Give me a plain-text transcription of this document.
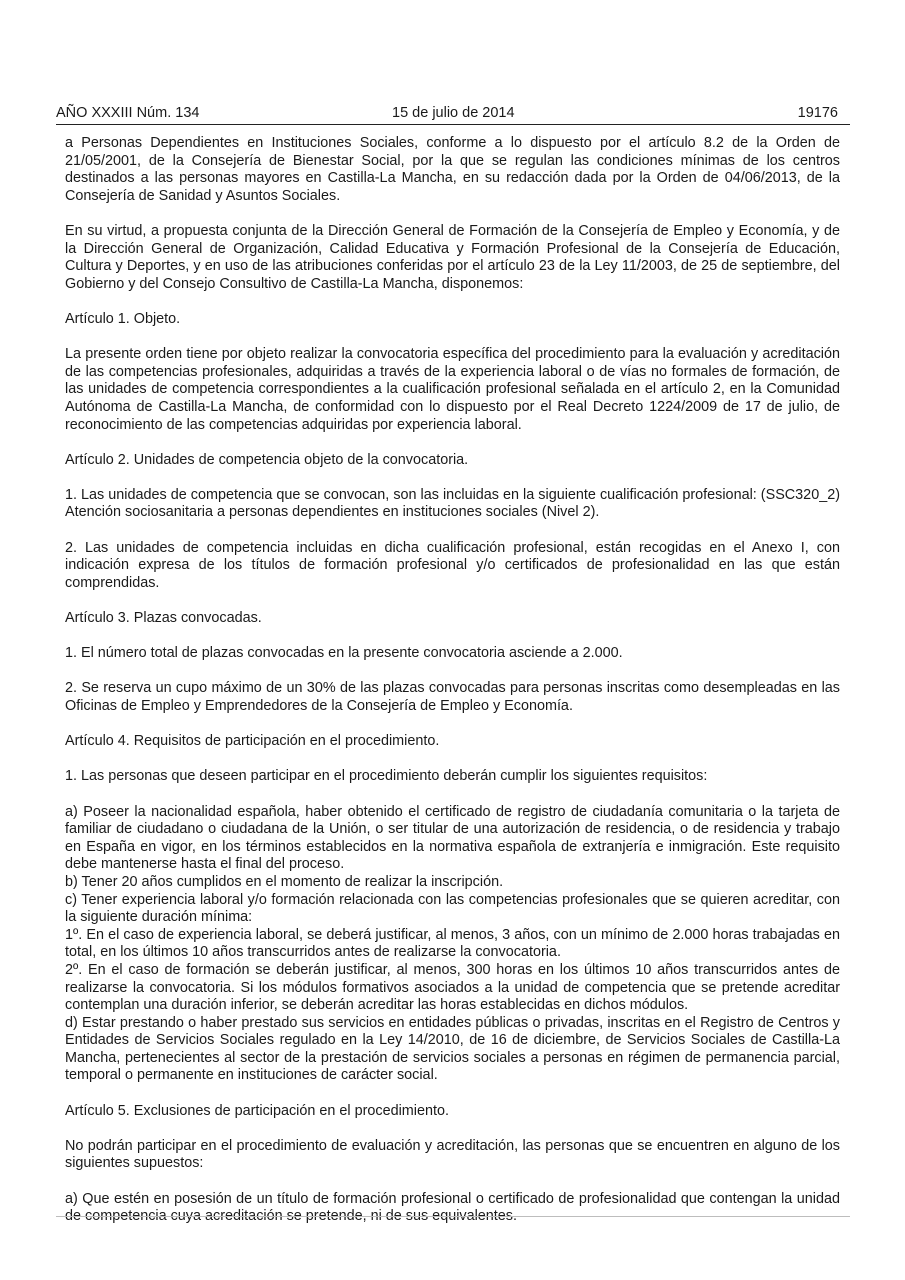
AÑO XXXIII Núm. 134	15 de julio de 2014	19176

a Personas Dependientes en Instituciones Sociales, conforme a lo dispuesto por el artículo 8.2 de la Orden de 21/05/2001, de la Consejería de Bienestar Social, por la que se regulan las condiciones mínimas de los centros destinados a las personas mayores en Castilla-La Mancha, en su redacción dada por la Orden de 04/06/2013, de la Consejería de Sanidad y Asuntos Sociales.

En su virtud, a propuesta conjunta de la Dirección General de Formación de la Consejería de Empleo y Economía, y de la Dirección General de Organización, Calidad Educativa y Formación Profesional de la Consejería de Educación, Cultura y Deportes, y en uso de las atribuciones conferidas por el artículo 23 de la Ley 11/2003, de 25 de septiembre, del Gobierno y del Consejo Consultivo de Castilla-La Mancha, disponemos:

Artículo 1. Objeto.

La presente orden tiene por objeto realizar la convocatoria específica del procedimiento para la evaluación y acreditación de las competencias profesionales, adquiridas a través de la experiencia laboral o de vías no formales de formación, de las unidades de competencia correspondientes a la cualificación profesional señalada en el artículo 2, en la Comunidad Autónoma de Castilla-La Mancha, de conformidad con lo dispuesto por el Real Decreto 1224/2009 de 17 de julio, de reconocimiento de las competencias adquiridas por experiencia laboral.

Artículo 2. Unidades de competencia objeto de la convocatoria.

1. Las unidades de competencia que se convocan, son las incluidas en la siguiente cualificación profesional: (SSC320_2) Atención sociosanitaria a personas dependientes en instituciones sociales (Nivel 2).

2. Las unidades de competencia incluidas en dicha cualificación profesional, están recogidas en el Anexo I, con indicación expresa de los títulos de formación profesional y/o certificados de profesionalidad en las que están comprendidas.

Artículo 3. Plazas convocadas.

1. El número total de plazas convocadas en la presente convocatoria asciende a 2.000.

2. Se reserva un cupo máximo de un 30% de las plazas convocadas para personas inscritas como desempleadas en las Oficinas de Empleo y Emprendedores de la Consejería de Empleo y Economía.

Artículo 4. Requisitos de participación en el procedimiento.

1. Las personas que deseen participar en el procedimiento deberán cumplir los siguientes requisitos:

a) Poseer la nacionalidad española, haber obtenido el certificado de registro de ciudadanía comunitaria o la tarjeta de familiar de ciudadano o ciudadana de la Unión, o ser titular de una autorización de residencia, o de residencia y trabajo en España en vigor, en los términos establecidos en la normativa española de extranjería e inmigración. Este requisito debe mantenerse hasta el final del proceso.

b) Tener 20 años cumplidos en el momento de realizar la inscripción.

c) Tener experiencia laboral y/o formación relacionada con las competencias profesionales que se quieren acreditar, con la siguiente duración mínima:

1º. En el caso de experiencia laboral, se deberá justificar, al menos, 3 años, con un mínimo de 2.000 horas trabajadas en total, en los últimos 10 años transcurridos antes de realizarse la convocatoria.

2º. En el caso de formación se deberán justificar, al menos, 300 horas en los últimos 10 años transcurridos antes de realizarse la convocatoria. Si los módulos formativos asociados a la unidad de competencia que se pretende acreditar contemplan una duración inferior, se deberán acreditar las horas establecidas en dichos módulos.

d) Estar prestando o haber prestado sus servicios en entidades públicas o privadas, inscritas en el Registro de Centros y Entidades de Servicios Sociales regulado en la Ley 14/2010, de 16 de diciembre, de Servicios Sociales de Castilla-La Mancha, pertenecientes al sector de la prestación de servicios sociales a personas en régimen de permanencia parcial, temporal o permanente en instituciones de carácter social.

Artículo 5. Exclusiones de participación en el procedimiento.

No podrán participar en el procedimiento de evaluación y acreditación, las personas que se encuentren en alguno de los siguientes supuestos:

a) Que estén en posesión de un título de formación profesional o certificado de profesionalidad que contengan la unidad de competencia cuya acreditación se pretende, ni de sus equivalentes.
